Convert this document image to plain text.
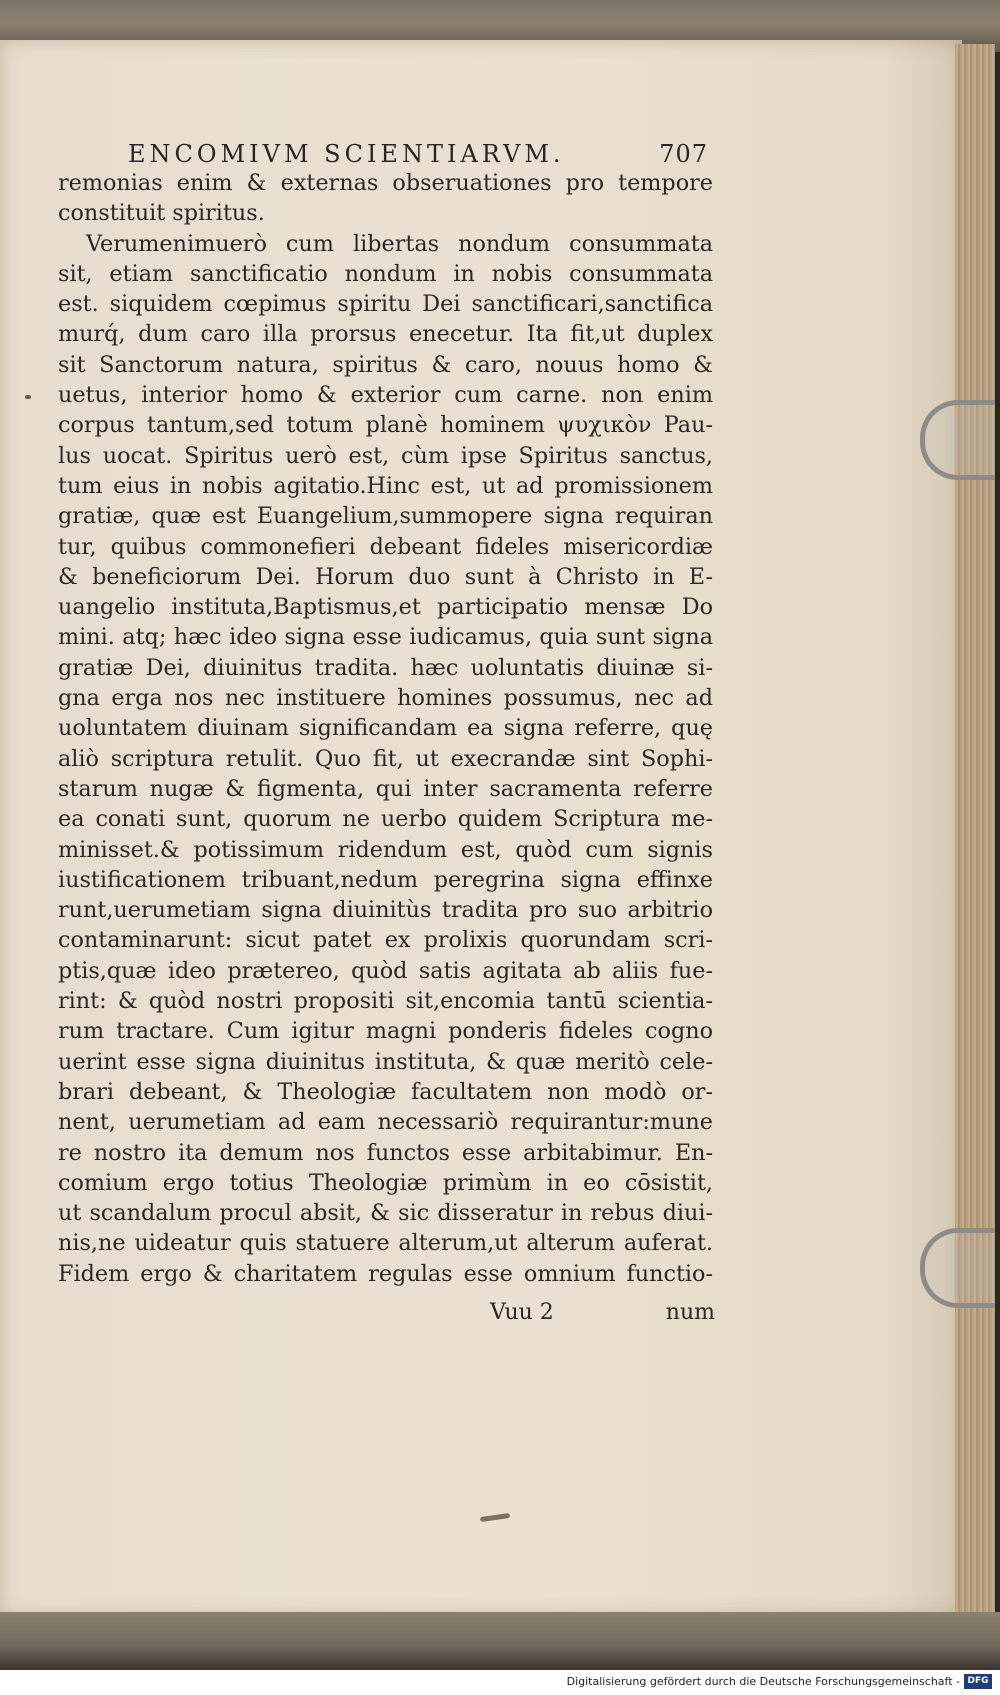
ENCOMIVM SCIENTIARVM.	707
remonias enim & externas obseruationes pro tempore
constituit spiritus.
Verumenimuerò cum libertas nondum consummata
sit, etiam sanctificatio nondum in nobis consummata
est. siquidem cœpimus spiritu Dei sanctificari,sanctifica
murq́, dum caro illa prorsus enecetur. Ita fit,ut duplex
sit Sanctorum natura, spiritus & caro, nouus homo &
uetus, interior homo & exterior cum carne. non enim
corpus tantum,sed totum planè hominem ψυχικὸν Pau-
lus uocat. Spiritus uerò est, cùm ipse Spiritus sanctus,
tum eius in nobis agitatio.Hinc est, ut ad promissionem
gratiæ, quæ est Euangelium,summopere signa requiran
tur, quibus commonefieri debeant fideles misericordiæ
& beneficiorum Dei. Horum duo sunt à Christo in E-
uangelio instituta,Baptismus,et participatio mensæ Do
mini. atq; hæc ideo signa esse iudicamus, quia sunt signa
gratiæ Dei, diuinitus tradita. hæc uoluntatis diuinæ si-
gna erga nos nec instituere homines possumus, nec ad
uoluntatem diuinam significandam ea signa referre, quę
aliò scriptura retulit. Quo fit, ut execrandæ sint Sophi-
starum nugæ & figmenta, qui inter sacramenta referre
ea conati sunt, quorum ne uerbo quidem Scriptura me-
minisset.& potissimum ridendum est, quòd cum signis
iustificationem tribuant,nedum peregrina signa effinxe
runt,uerumetiam signa diuinitùs tradita pro suo arbitrio
contaminarunt: sicut patet ex prolixis quorundam scri-
ptis,quæ ideo prætereo, quòd satis agitata ab aliis fue-
rint: & quòd nostri propositi sit,encomia tantū scientia-
rum tractare. Cum igitur magni ponderis fideles cogno
uerint esse signa diuinitus instituta, & quæ meritò cele-
brari debeant, & Theologiæ facultatem non modò or-
nent, uerumetiam ad eam necessariò requirantur:mune
re nostro ita demum nos functos esse arbitabimur. En-
comium ergo totius Theologiæ primùm in eo cōsistit,
ut scandalum procul absit, & sic disseratur in rebus diui-
nis,ne uideatur quis statuere alterum,ut alterum auferat.
Fidem ergo & charitatem regulas esse omnium functio-
Vuu 2	num
Digitalisierung gefördert durch die Deutsche Forschungsgemeinschaft - DFG
